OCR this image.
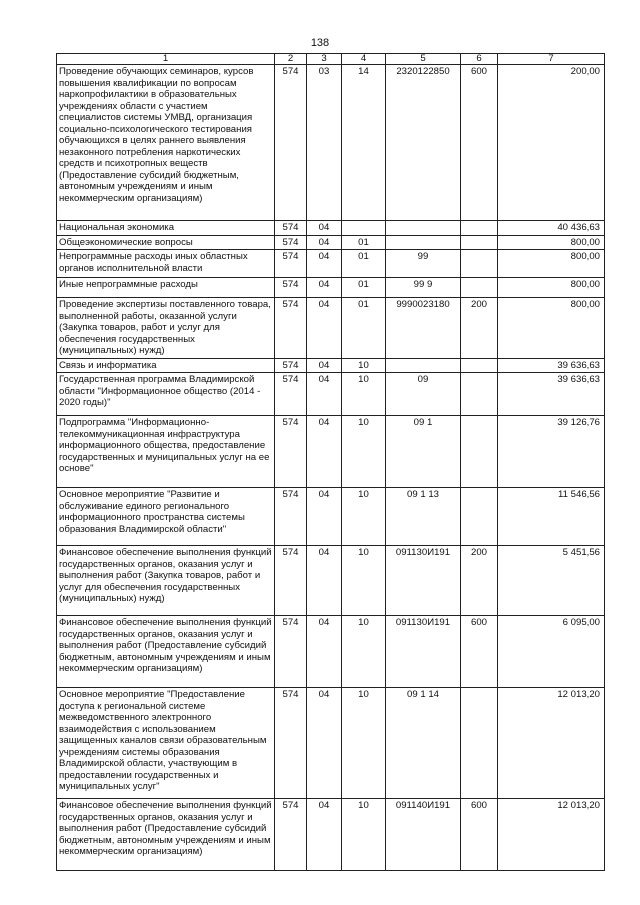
138
1	2	3	4	5	6	7
Проведение обучающих семинаров, курсов повышения квалификации по вопросам наркопрофилактики в образовательных учреждениях области с участием специалистов системы УМВД, организация социально-психологического тестирования обучающихся в целях раннего выявления незаконного потребления наркотических средств и психотропных веществ (Предоставление субсидий бюджетным, автономным учреждениям и иным некоммерческим организациям)	574	03	14	2320122850	600	200,00
Национальная экономика	574	04				40 436,63
Общеэкономические вопросы	574	04	01			800,00
Непрограммные расходы иных областных органов исполнительной власти	574	04	01	99		800,00
Иные непрограммные расходы	574	04	01	99 9		800,00
Проведение экспертизы поставленного товара, выполненной работы, оказанной услуги (Закупка товаров, работ и услуг для обеспечения государственных (муниципальных) нужд)	574	04	01	9990023180	200	800,00
Связь и информатика	574	04	10			39 636,63
Государственная программа Владимирской области "Информационное общество (2014 - 2020 годы)"	574	04	10	09		39 636,63
Подпрограмма "Информационно-телекоммуникационная инфраструктура информационного общества, предоставление государственных и муниципальных услуг на ее основе"	574	04	10	09 1		39 126,76
Основное мероприятие "Развитие и обслуживание единого регионального информационного пространства системы образования Владимирской области"	574	04	10	09 1 13		11 546,56
Финансовое обеспечение выполнения функций государственных органов, оказания услуг и выполнения работ (Закупка товаров, работ и услуг для обеспечения государственных (муниципальных) нужд)	574	04	10	091130И191	200	5 451,56
Финансовое обеспечение выполнения функций государственных органов, оказания услуг и выполнения работ (Предоставление субсидий бюджетным, автономным учреждениям и иным некоммерческим организациям)	574	04	10	091130И191	600	6 095,00
Основное мероприятие "Предоставление доступа к региональной системе межведомственного электронного взаимодействия с использованием защищенных каналов связи образовательным учреждениям системы образования Владимирской области, участвующим в предоставлении государственных и муниципальных услуг"	574	04	10	09 1 14		12 013,20
Финансовое обеспечение выполнения функций государственных органов, оказания услуг и выполнения работ (Предоставление субсидий бюджетным, автономным учреждениям и иным некоммерческим организациям)	574	04	10	091140И191	600	12 013,20
